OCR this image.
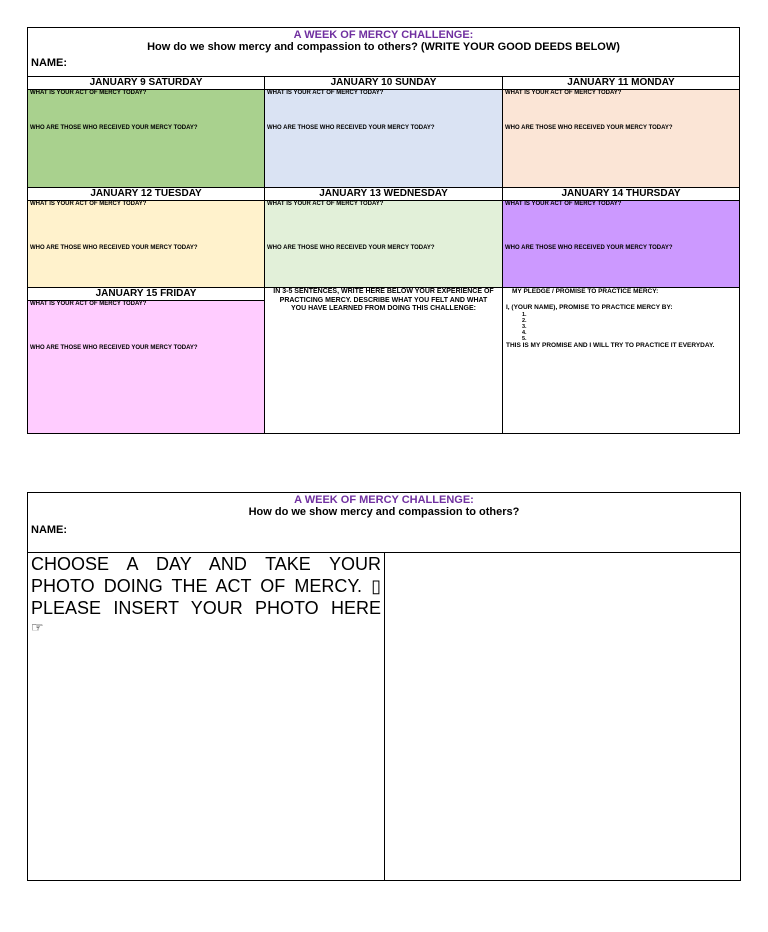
A WEEK OF MERCY CHALLENGE:
How do we show mercy and compassion to others? (WRITE YOUR GOOD DEEDS BELOW)
NAME:
JANUARY 9 SATURDAY
WHAT IS YOUR ACT OF MERCY TODAY?
WHO ARE THOSE WHO RECEIVED YOUR MERCY TODAY?
JANUARY 10 SUNDAY
WHAT IS YOUR ACT OF MERCY TODAY?
WHO ARE THOSE WHO RECEIVED YOUR MERCY TODAY?
JANUARY 11 MONDAY
WHAT IS YOUR ACT OF MERCY TODAY?
WHO ARE THOSE WHO RECEIVED YOUR MERCY TODAY?
JANUARY 12 TUESDAY
WHAT IS YOUR ACT OF MERCY TODAY?
WHO ARE THOSE WHO RECEIVED YOUR MERCY TODAY?
JANUARY 13 WEDNESDAY
WHAT IS YOUR ACT OF MERCY TODAY?
WHO ARE THOSE WHO RECEIVED YOUR MERCY TODAY?
JANUARY 14 THURSDAY
WHAT IS YOUR ACT OF MERCY TODAY?
WHO ARE THOSE WHO RECEIVED YOUR MERCY TODAY?
JANUARY 15 FRIDAY
WHAT IS YOUR ACT OF MERCY TODAY?
WHO ARE THOSE WHO RECEIVED YOUR MERCY TODAY?
IN 3-5 SENTENCES, WRITE HERE BELOW YOUR EXPERIENCE OF PRACTICING MERCY. DESCRIBE WHAT YOU FELT AND WHAT YOU HAVE LEARNED FROM DOING THIS CHALLENGE:
MY PLEDGE / PROMISE TO PRACTICE MERCY:
I, (YOUR NAME), PROMISE TO PRACTICE MERCY BY:
1.
2.
3.
4.
5.
THIS IS MY PROMISE AND I WILL TRY TO PRACTICE IT EVERYDAY.
A WEEK OF MERCY CHALLENGE:
How do we show mercy and compassion to others?
NAME:
CHOOSE A DAY AND TAKE YOUR
PHOTO DOING THE ACT OF MERCY. ▯
PLEASE INSERT YOUR PHOTO HERE
☞
